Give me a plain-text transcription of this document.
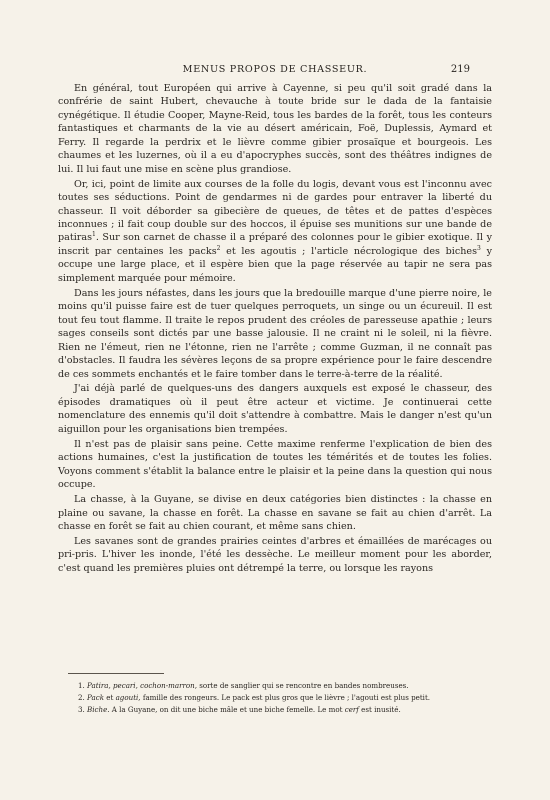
MENUS PROPOS DE CHASSEUR.	219

En général, tout Européen qui arrive à Cayenne, si peu qu'il soit gradé dans la confrérie de saint Hubert, chevauche à toute bride sur le dada de la fantaisie cynégétique. Il étudie Cooper, Mayne-Reid, tous les bardes de la forêt, tous les conteurs fantastiques et charmants de la vie au désert américain, Foë, Duplessis, Aymard et Ferry. Il regarde la perdrix et le lièvre comme gibier prosaïque et bourgeois. Les chaumes et les luzernes, où il a eu d'apocryphes succès, sont des théâtres indignes de lui. Il lui faut une mise en scène plus grandiose.

Or, ici, point de limite aux courses de la folle du logis, devant vous est l'inconnu avec toutes ses séductions. Point de gendarmes ni de gardes pour entraver la liberté du chasseur. Il voit déborder sa gibecière de queues, de têtes et de pattes d'espèces inconnues ; il fait coup double sur des hoccos, il épuise ses munitions sur une bande de patiras$^1$. Sur son carnet de chasse il a préparé des colonnes pour le gibier exotique. Il y inscrit par centaines les packs$^2$ et les agoutis ; l'article nécrologique des biches$^3$ y occupe une large place, et il espère bien que la page réservée au tapir ne sera pas simplement marquée pour mémoire.

Dans les jours néfastes, dans les jours que la bredouille marque d'une pierre noire, le moins qu'il puisse faire est de tuer quelques perroquets, un singe ou un écureuil. Il est tout feu tout flamme. Il traite le repos prudent des créoles de paresseuse apathie ; leurs sages conseils sont dictés par une basse jalousie. Il ne craint ni le soleil, ni la fièvre. Rien ne l'émeut, rien ne l'étonne, rien ne l'arrête ; comme Guzman, il ne connaît pas d'obstacles. Il faudra les sévères leçons de sa propre expérience pour le faire descendre de ces sommets enchantés et le faire tomber dans le terre-à-terre de la réalité.

J'ai déjà parlé de quelques-uns des dangers auxquels est exposé le chasseur, des épisodes dramatiques où il peut être acteur et victime. Je continuerai cette nomenclature des ennemis qu'il doit s'attendre à combattre. Mais le danger n'est qu'un aiguillon pour les organisations bien trempées.

Il n'est pas de plaisir sans peine. Cette maxime renferme l'explication de bien des actions humaines, c'est la justification de toutes les témérités et de toutes les folies. Voyons comment s'établit la balance entre le plaisir et la peine dans la question qui nous occupe.

La chasse, à la Guyane, se divise en deux catégories bien distinctes : la chasse en plaine ou savane, la chasse en forêt. La chasse en savane se fait au chien d'arrêt. La chasse en forêt se fait au chien courant, et même sans chien.

Les savanes sont de grandes prairies ceintes d'arbres et émaillées de marécages ou pri-pris. L'hiver les inonde, l'été les dessèche. Le meilleur moment pour les aborder, c'est quand les premières pluies ont détrempé la terre, ou lorsque les rayons

1. Patira, pecari, cochon-marron, sorte de sanglier qui se rencontre en bandes nombreuses.
2. Pack et agouti, famille des rongeurs. Le pack est plus gros que le lièvre ; l'agouti est plus petit.
3. Biche. A la Guyane, on dit une biche mâle et une biche femelle. Le mot cerf est inusité.
